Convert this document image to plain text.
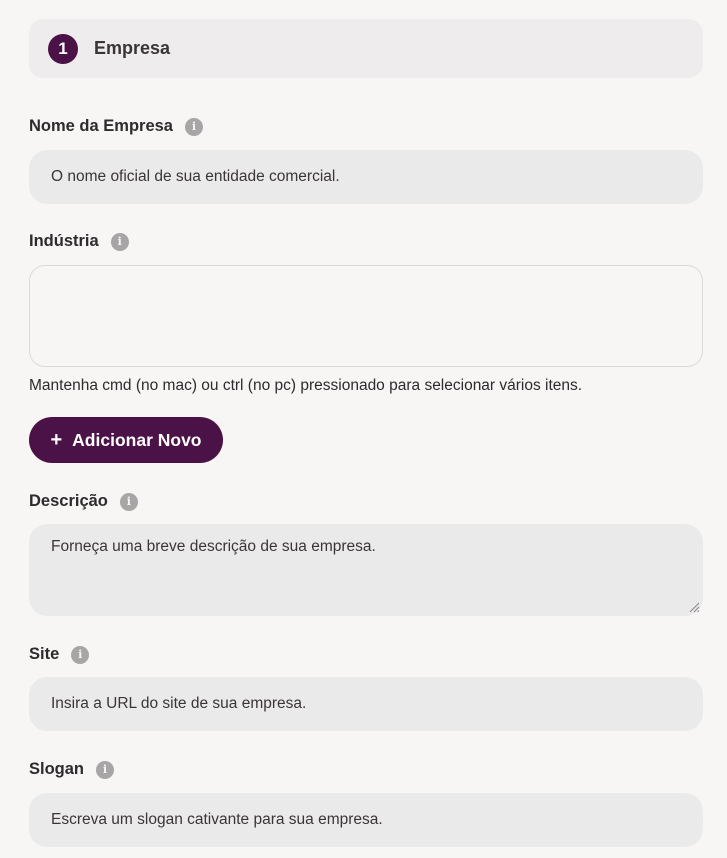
1	Empresa
Nome da Empresa	i
O nome oficial de sua entidade comercial.
Indústria	i
Mantenha cmd (no mac) ou ctrl (no pc) pressionado para selecionar vários itens.
+ Adicionar Novo
Descrição	i
Forneça uma breve descrição de sua empresa.
Site	i
Insira a URL do site de sua empresa.
Slogan	i
Escreva um slogan cativante para sua empresa.
